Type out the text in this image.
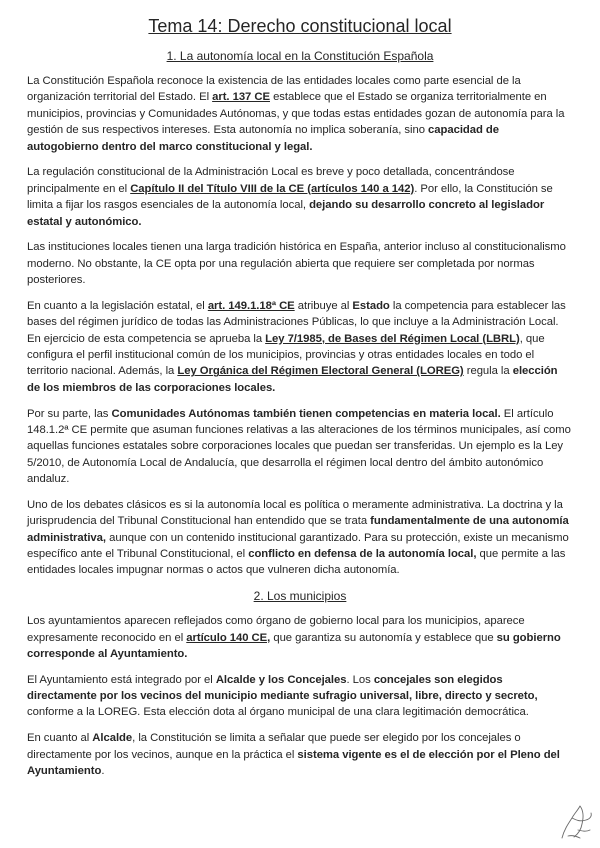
Tema 14: Derecho constitucional local
1. La autonomía local en la Constitución Española

La Constitución Española reconoce la existencia de las entidades locales como parte esencial de la organización territorial del Estado. El art. 137 CE establece que el Estado se organiza territorialmente en municipios, provincias y Comunidades Autónomas, y que todas estas entidades gozan de autonomía para la gestión de sus respectivos intereses. Esta autonomía no implica soberanía, sino capacidad de autogobierno dentro del marco constitucional y legal.

La regulación constitucional de la Administración Local es breve y poco detallada, concentrándose principalmente en el Capítulo II del Título VIII de la CE (artículos 140 a 142). Por ello, la Constitución se limita a fijar los rasgos esenciales de la autonomía local, dejando su desarrollo concreto al legislador estatal y autonómico.

Las instituciones locales tienen una larga tradición histórica en España, anterior incluso al constitucionalismo moderno. No obstante, la CE opta por una regulación abierta que requiere ser completada por normas posteriores.

En cuanto a la legislación estatal, el art. 149.1.18ª CE atribuye al Estado la competencia para establecer las bases del régimen jurídico de todas las Administraciones Públicas, lo que incluye a la Administración Local. En ejercicio de esta competencia se aprueba la Ley 7/1985, de Bases del Régimen Local (LBRL), que configura el perfil institucional común de los municipios, provincias y otras entidades locales en todo el territorio nacional. Además, la Ley Orgánica del Régimen Electoral General (LOREG) regula la elección de los miembros de las corporaciones locales.

Por su parte, las Comunidades Autónomas también tienen competencias en materia local. El artículo 148.1.2ª CE permite que asuman funciones relativas a las alteraciones de los términos municipales, así como aquellas funciones estatales sobre corporaciones locales que puedan ser transferidas. Un ejemplo es la Ley 5/2010, de Autonomía Local de Andalucía, que desarrolla el régimen local dentro del ámbito autonómico andaluz.

Uno de los debates clásicos es si la autonomía local es política o meramente administrativa. La doctrina y la jurisprudencia del Tribunal Constitucional han entendido que se trata fundamentalmente de una autonomía administrativa, aunque con un contenido institucional garantizado. Para su protección, existe un mecanismo específico ante el Tribunal Constitucional, el conflicto en defensa de la autonomía local, que permite a las entidades locales impugnar normas o actos que vulneren dicha autonomía.

2. Los municipios

Los ayuntamientos aparecen reflejados como órgano de gobierno local para los municipios, aparece expresamente reconocido en el artículo 140 CE, que garantiza su autonomía y establece que su gobierno corresponde al Ayuntamiento.

El Ayuntamiento está integrado por el Alcalde y los Concejales. Los concejales son elegidos directamente por los vecinos del municipio mediante sufragio universal, libre, directo y secreto, conforme a la LOREG. Esta elección dota al órgano municipal de una clara legitimación democrática.

En cuanto al Alcalde, la Constitución se limita a señalar que puede ser elegido por los concejales o directamente por los vecinos, aunque en la práctica el sistema vigente es el de elección por el Pleno del Ayuntamiento.
